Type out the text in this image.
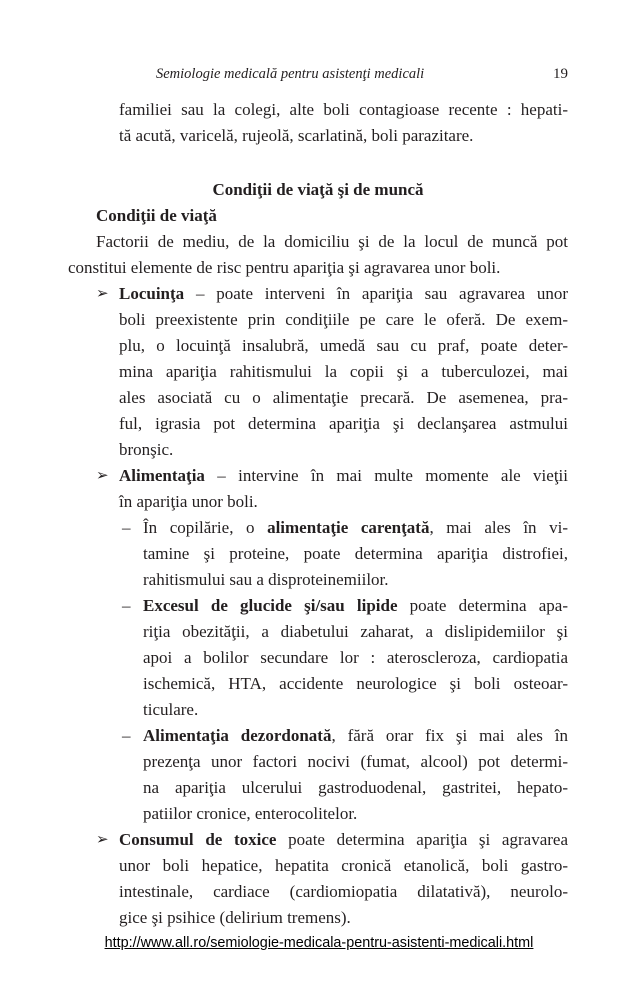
Semiologie medicală pentru asistenţi medicali	19
familiei sau la colegi, alte boli contagioase recente : hepati-
tă acută, varicelă, rujeolă, scarlatină, boli parazitare.
Condiţii de viaţă şi de muncă
Condiţii de viaţă
Factorii de mediu, de la domiciliu şi de la locul de muncă pot
constitui elemente de risc pentru apariţia şi agravarea unor boli.
➢ Locuinţa – poate interveni în apariţia sau agravarea unor
boli preexistente prin condiţiile pe care le oferă. De exem-
plu, o locuinţă insalubră, umedă sau cu praf, poate deter-
mina apariţia rahitismului la copii şi a tuberculozei, mai
ales asociată cu o alimentaţie precară. De asemenea, pra-
ful, igrasia pot determina apariţia şi declanşarea astmului
bronşic.
➢ Alimentaţia – intervine în mai multe momente ale vieţii
în apariţia unor boli.
– În copilărie, o alimentaţie carenţată, mai ales în vi-
tamine şi proteine, poate determina apariţia distrofiei,
rahitismului sau a disproteinemiilor.
– Excesul de glucide şi/sau lipide poate determina apa-
riţia obezităţii, a diabetului zaharat, a dislipidemiilor şi
apoi a bolilor secundare lor : ateroscleroza, cardiopatia
ischemică, HTA, accidente neurologice şi boli osteoar-
ticulare.
– Alimentaţia dezordonată, fără orar fix şi mai ales în
prezenţa unor factori nocivi (fumat, alcool) pot determi-
na apariţia ulcerului gastroduodenal, gastritei, hepato-
patiilor cronice, enterocolitelor.
➢ Consumul de toxice poate determina apariţia şi agravarea
unor boli hepatice, hepatita cronică etanolică, boli gastro-
intestinale, cardiace (cardiomiopatia dilatativă), neurolo-
gice şi psihice (delirium tremens).
http://www.all.ro/semiologie-medicala-pentru-asistenti-medicali.html
